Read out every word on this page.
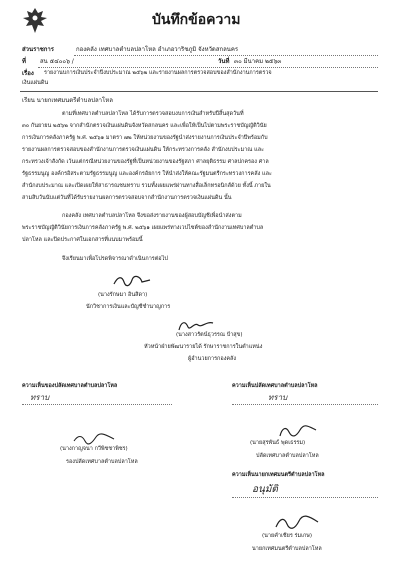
บันทึกข้อความ
ส่วนราชการ	กองคลัง เทศบาลตำบลปลาโหล อำเภอวาริชภูมิ จังหวัดสกลนคร
ที่ สน ๕๔๐๐๖ /	วันที่ ๓๐ มีนาคม ๒๕๖๓
เรื่อง รายงานบการเงินประจำปีงบประมาณ ๒๕๖๒ และรายงานผลการตรวจสอบของสำนักงานการตรวจ
เงินแผ่นดิน
เรียน นายกเทศมนตรีตำบลปลาโหล
ตามที่เทศบาลตำบลปลาโหล ได้รับการตรวจสอบงบการเงินสำหรับปีสิ้นสุดวันที่
๓๐ กันยายน ๒๕๖๒ จากสำนักตรวจเงินแผ่นดินจังหวัดสกลนคร และเพื่อให้เป็นไปตามพระราชบัญญัติวินัย
การเงินการคลังภาครัฐ พ.ศ. ๒๕๖๑ มาตรา ๗๒ ให้หน่วยงานของรัฐนำส่งรายงานการเงินประจำปีพร้อมกับ
รายงานผลการตรวจสอบของสำนักงานการตรวจเงินแผ่นดิน ให้กระทรวงการคลัง สำนักงบประมาณ และ
กระทรวงเจ้าสังกัด เว้นแต่กรณีหน่วยงานของรัฐที่เป็นหน่วยงานของรัฐสภา ศาลยุติธรรม ศาลปกครอง ศาล
รัฐธรรมนูญ องค์กรอิสระตามรัฐธรรมนูญ และองค์กรอัยการ ให้นำส่งให้คณะรัฐมนตรีกระทรวงการคลัง และ
สำนักงบประมาณ และเปิดเผยให้สาธารณชนทราบ รวมทั้งเผยแพร่ผ่านทางสื่อเล็กทรอนิกส์ด้วย ทั้งนี้ ภายใน
สามสิบวันนับแต่วันที่ได้รับรายงานผลการตรวจสอบจากสำนักงานการตรวจเงินแผ่นดิน นั้น
กองคลัง เทศบาลตำบลปลาโหล จึงขอส่งรายงานของผู้สอบบัญชีเพื่อนำส่งตาม
พระราชบัญญัติวินัยการเงินการคลังภาครัฐ พ.ศ. ๒๕๖๑ เผยแพร่ทางเวปไซต์ของสำนักงานเทศบาลตำบล
ปลาโหล และปิดประกาศในเอกสารที่แนบมาพร้อมนี้
จึงเรียนมาเพื่อโปรดพิจารณาดำเนินการต่อไป
(นางรักษมา อินสิดา)
นักวิชาการเงินและบัญชีชำนาญการ
(นางสาวรัตน์ธุวรรณ ป้าสุข)
หัวหน้าฝ่ายพัฒนารายได้ รักษาราชการในตำแหน่ง
ผู้อำนวยการกองคลัง
ความเห็นของปลัดเทศบาลตำบลปลาโหล
ทราบ
(นางกาญจนา กวีพิชชาพิชร)
รองปลัดเทศบาลตำบลปลาโหล
ความเห็นปลัดเทศบาลตำบลปลาโหล
ทราบ
(นายสุรพันธ์ พุดเธรรม)
ปลัดเทศบาลตำบลปลาโหล
ความเห็นนายกเทศมนตรีตำบลปลาโหล
อนุมัติ
(นายคำเชียร ร่มเกษ)
นายกเทศมนตรีตำบลปลาโหล
